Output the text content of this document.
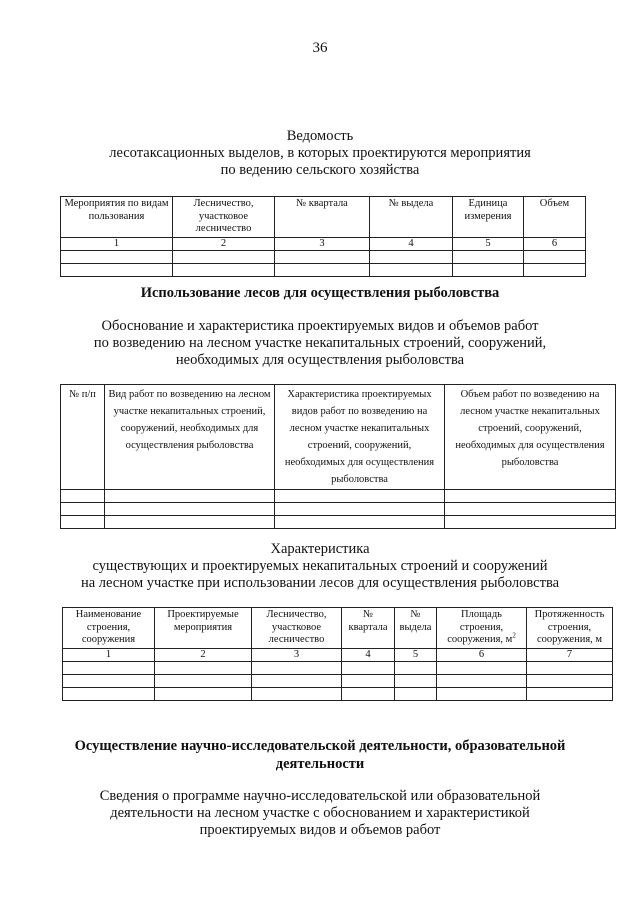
36
Ведомость
лесотаксационных выделов, в которых проектируются мероприятия
по ведению сельского хозяйства
Мероприятия по видам пользования	Лесничество, участковое лесничество	№ квартала	№ выдела	Единица измерения	Объем
1	2	3	4	5	6

Использование лесов для осуществления рыболовства
Обоснование и характеристика проектируемых видов и объемов работ
по возведению на лесном участке некапитальных строений, сооружений,
необходимых для осуществления рыболовства
№ п/п	Вид работ по возведению на лесном участке некапитальных строений, сооружений, необходимых для осуществления рыболовства	Характеристика проектируемых видов работ по возведению на лесном участке некапитальных строений, сооружений, необходимых для осуществления рыболовства	Объем работ по возведению на лесном участке некапитальных строений, сооружений, необходимых для осуществления рыболовства

Характеристика
существующих и проектируемых некапитальных строений и сооружений
на лесном участке при использовании лесов для осуществления рыболовства
Наименование строения, сооружения	Проектируемые мероприятия	Лесничество, участковое лесничество	№ квартала	№ выдела	Площадь строения, сооружения, $м^2$	Протяженность строения, сооружения, м
1	2	3	4	5	6	7

Осуществление научно-исследовательской деятельности, образовательной
деятельности
Сведения о программе научно-исследовательской или образовательной
деятельности на лесном участке с обоснованием и характеристикой
проектируемых видов и объемов работ
